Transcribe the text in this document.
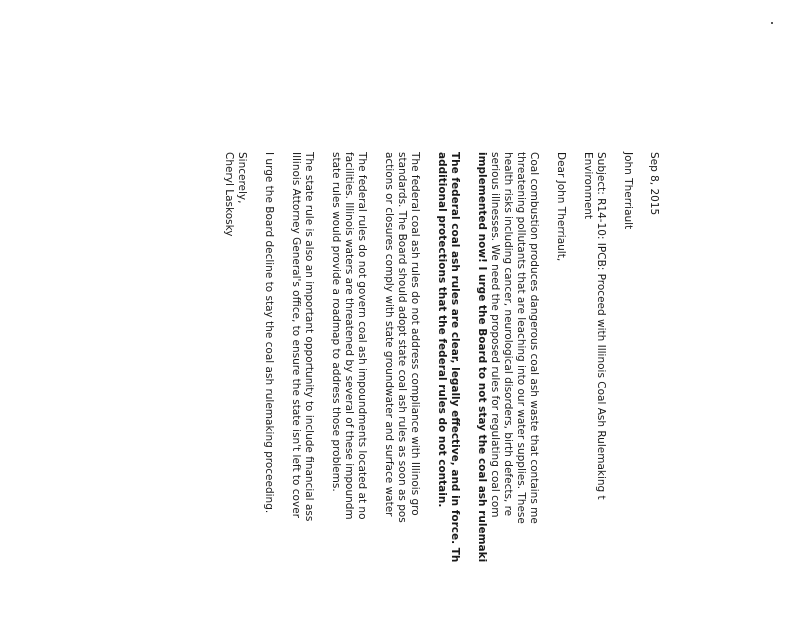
Sep 8, 2015
John Therriault
Subject: R14-10: IPCB: Proceed with Illinois Coal Ash Rulemaking t
Environment
Dear John Therriault,
Coal combustion produces dangerous coal ash waste that contains me
threatening pollutants that are leaching into our water supplies. These
health risks including cancer, neurological disorders, birth defects, re
serious illnesses. We need the proposed rules for regulating coal com
implemented now! I urge the Board to not stay the coal ash rulemaki
The federal coal ash rules are clear, legally effective, and in force. Th
additional protections that the federal rules do not contain.
The federal coal ash rules do not address compliance with Illinois gro
standards. The Board should adopt state coal ash rules as soon as pos
actions or closures comply with state groundwater and surface water
The federal rules do not govern coal ash impoundments located at no
facilities. Illinois waters are threatened by several of these impoundm
state rules would provide a roadmap to address those problems.
The state rule is also an important opportunity to include financial ass
Illinois Attorney General's office, to ensure the state isn't left to cover
I urge the Board decline to stay the coal ash rulemaking proceeding.
Sincerely,
Cheryl Laskosky
